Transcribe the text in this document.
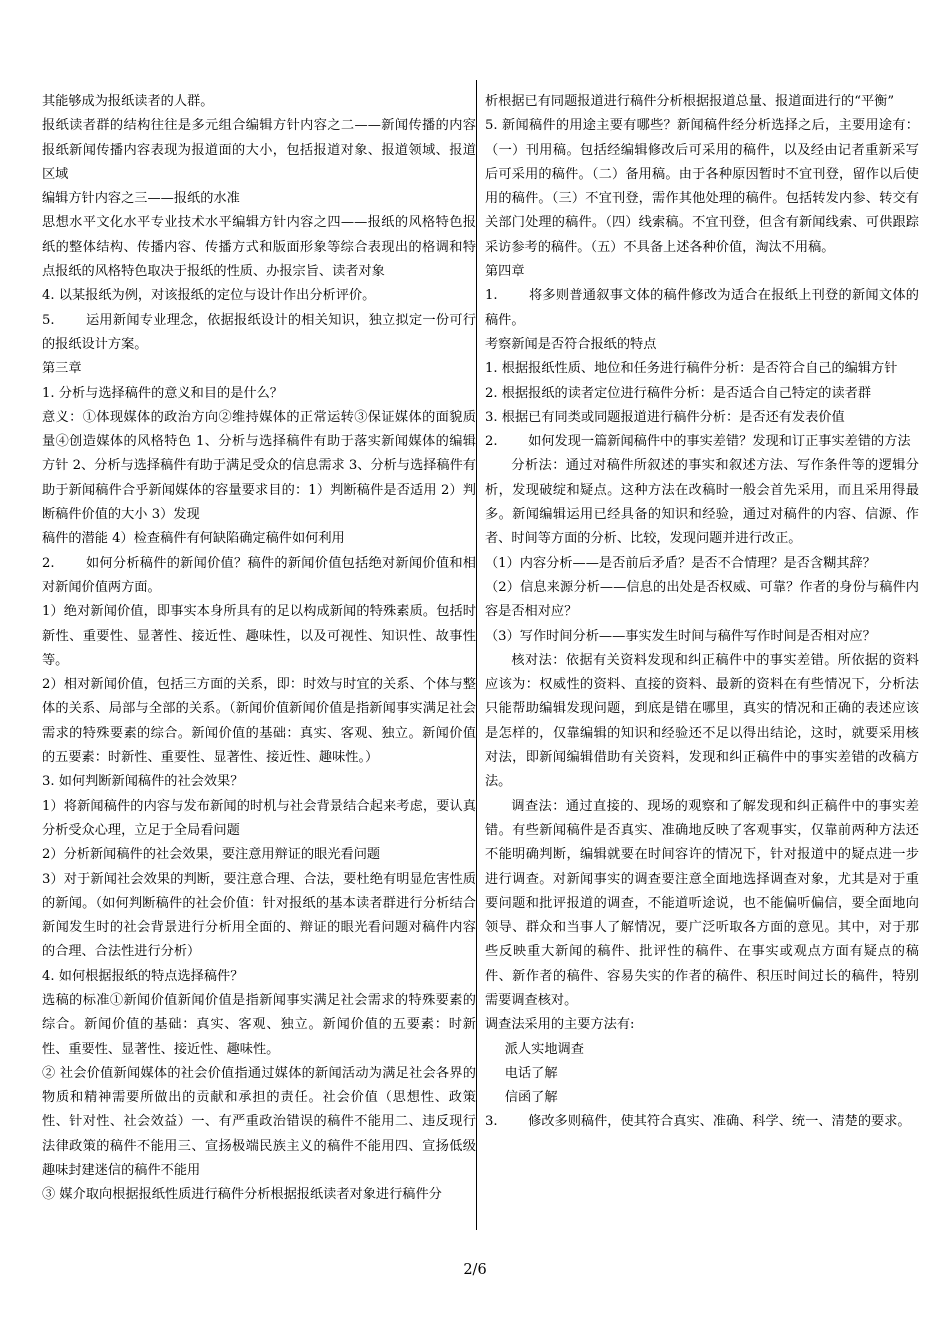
其能够成为报纸读者的人群。

报纸读者群的结构往往是多元组合编辑方针内容之二——新闻传播的内容报纸新闻传播内容表现为报道面的大小，包括报道对象、报道领域、报道区域

编辑方针内容之三——报纸的水准

思想水平文化水平专业技术水平编辑方针内容之四——报纸的风格特色报纸的整体结构、传播内容、传播方式和版面形象等综合表现出的格调和特点报纸的风格特色取决于报纸的性质、办报宗旨、读者对象

4. 以某报纸为例，对该报纸的定位与设计作出分析评价。

5. 　　运用新闻专业理念，依据报纸设计的相关知识，独立拟定一份可行的报纸设计方案。

第三章

1. 分析与选择稿件的意义和目的是什么？

意义：①体现媒体的政治方向②维持媒体的正常运转③保证媒体的面貌质量④创造媒体的风格特色 1、分析与选择稿件有助于落实新闻媒体的编辑方针 2、分析与选择稿件有助于满足受众的信息需求 3、分析与选择稿件有助于新闻稿件合乎新闻媒体的容量要求目的：1）判断稿件是否适用 2）判断稿件价值的大小 3）发现

稿件的潜能 4）检查稿件有何缺陷确定稿件如何利用

2. 　　如何分析稿件的新闻价值？稿件的新闻价值包括绝对新闻价值和相对新闻价值两方面。

1）绝对新闻价值，即事实本身所具有的足以构成新闻的特殊素质。包括时新性、重要性、显著性、接近性、趣味性，以及可视性、知识性、故事性等。

2）相对新闻价值，包括三方面的关系，即：时效与时宜的关系、个体与整体的关系、局部与全部的关系。（新闻价值新闻价值是指新闻事实满足社会需求的特殊要素的综合。新闻价值的基础：真实、客观、独立。新闻价值的五要素：时新性、重要性、显著性、接近性、趣味性。）

3. 如何判断新闻稿件的社会效果？

1）将新闻稿件的内容与发布新闻的时机与社会背景结合起来考虑，要认真分析受众心理，立足于全局看问题

2）分析新闻稿件的社会效果，要注意用辩证的眼光看问题

3）对于新闻社会效果的判断，要注意合理、合法，要杜绝有明显危害性质的新闻。（如何判断稿件的社会价值：针对报纸的基本读者群进行分析结合新闻发生时的社会背景进行分析用全面的、辩证的眼光看问题对稿件内容的合理、合法性进行分析）

4. 如何根据报纸的特点选择稿件？

选稿的标准①新闻价值新闻价值是指新闻事实满足社会需求的特殊要素的综合。新闻价值的基础：真实、客观、独立。新闻价值的五要素：时新性、重要性、显著性、接近性、趣味性。

② 社会价值新闻媒体的社会价值指通过媒体的新闻活动为满足社会各界的物质和精神需要所做出的贡献和承担的责任。社会价值（思想性、政策性、针对性、社会效益）一、有严重政治错误的稿件不能用二、违反现行法律政策的稿件不能用三、宣扬极端民族主义的稿件不能用四、宣扬低级趣味封建迷信的稿件不能用

③ 媒介取向根据报纸性质进行稿件分析根据报纸读者对象进行稿件分

析根据已有同题报道进行稿件分析根据报道总量、报道面进行的“平衡”

5. 新闻稿件的用途主要有哪些？新闻稿件经分析选择之后，主要用途有：（一）刊用稿。包括经编辑修改后可采用的稿件，以及经由记者重新采写后可采用的稿件。（二）备用稿。由于各种原因暂时不宜刊登，留作以后使用的稿件。（三）不宜刊登，需作其他处理的稿件。包括转发内参、转交有关部门处理的稿件。（四）线索稿。不宜刊登，但含有新闻线索、可供跟踪采访参考的稿件。（五）不具备上述各种价值，淘汰不用稿。

第四章

1. 　　将多则普通叙事文体的稿件修改为适合在报纸上刊登的新闻文体的稿件。

考察新闻是否符合报纸的特点

1. 根据报纸性质、地位和任务进行稿件分析：是否符合自己的编辑方针

2. 根据报纸的读者定位进行稿件分析：是否适合自己特定的读者群

3. 根据已有同类或同题报道进行稿件分析：是否还有发表价值

2. 　　如何发现一篇新闻稿件中的事实差错？发现和订正事实差错的方法

分析法：通过对稿件所叙述的事实和叙述方法、写作条件等的逻辑分析，发现破绽和疑点。这种方法在改稿时一般会首先采用，而且采用得最多。新闻编辑运用已经具备的知识和经验，通过对稿件的内容、信源、作者、时间等方面的分析、比较，发现问题并进行改正。

（1）内容分析——是否前后矛盾？是否不合情理？是否含糊其辞？

（2）信息来源分析——信息的出处是否权威、可靠？作者的身份与稿件内容是否相对应？

（3）写作时间分析——事实发生时间与稿件写作时间是否相对应？

核对法：依据有关资料发现和纠正稿件中的事实差错。所依据的资料应该为：权威性的资料、直接的资料、最新的资料在有些情况下，分析法只能帮助编辑发现问题，到底是错在哪里，真实的情况和正确的表述应该是怎样的，仅靠编辑的知识和经验还不足以得出结论，这时，就要采用核对法，即新闻编辑借助有关资料，发现和纠正稿件中的事实差错的改稿方法。

调查法：通过直接的、现场的观察和了解发现和纠正稿件中的事实差错。有些新闻稿件是否真实、准确地反映了客观事实，仅靠前两种方法还不能明确判断，编辑就要在时间容许的情况下，针对报道中的疑点进一步进行调查。对新闻事实的调查要注意全面地选择调查对象，尤其是对于重要问题和批评报道的调查，不能道听途说，也不能偏听偏信，要全面地向领导、群众和当事人了解情况，要广泛听取各方面的意见。其中，对于那些反映重大新闻的稿件、批评性的稿件、在事实或观点方面有疑点的稿件、新作者的稿件、容易失实的作者的稿件、积压时间过长的稿件，特别需要调查核对。

调查法采用的主要方法有:

派人实地调查

电话了解

信函了解

3. 　　修改多则稿件，使其符合真实、准确、科学、统一、清楚的要求。

2/6
